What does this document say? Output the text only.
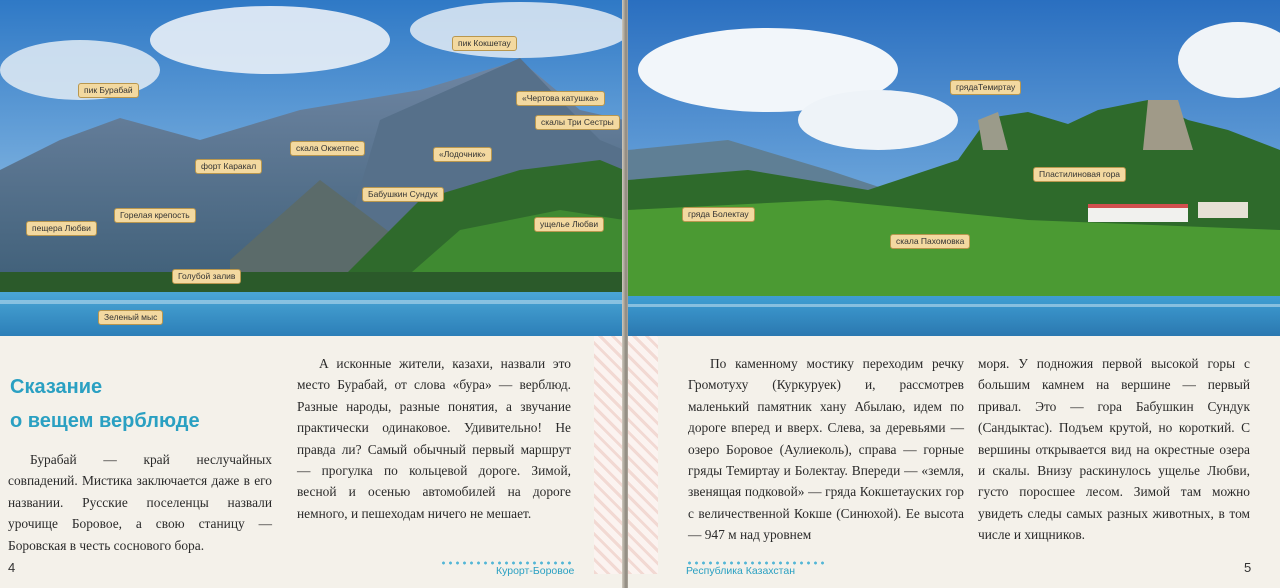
пик Кокшетау
пик Бурабай
«Чертова катушка»
скалы Три Сестры
скала Окжетпес
«Лодочник»
форт Каракал
Бабушкин Сундук
Горелая крепость
пещера Любви	ущелье Любви
Голубой залив
Зеленый мыс
Сказание
о вещем верблюде

Бурабай — край неслучайных совпадений. Мистика заключается даже в его названии. Русские поселенцы назвали урочище Боровое, а свою станицу — Боровская в честь соснового бора.

А исконные жители, казахи, назвали это место Бурабай, от слова «бура» — верблюд. Разные народы, разные понятия, а звучание практически одинаковое. Удивительно! Не правда ли? Самый обычный первый маршрут — прогулка по кольцевой дороге. Зимой, весной и осенью автомобилей на дороге немного, и пешеходам ничего не мешает.

4	Курорт-Боровое
грядаТемиртау
Пластилиновая гора
гряда Болектау
скала Пахомовка

По каменному мостику переходим речку Громотуху (Куркуруек) и, рассмотрев маленький памятник хану Абылаю, идем по дороге вперед и вверх. Слева, за деревьями — озеро Боровое (Аулиеколь), справа — горные гряды Темиртау и Болектау. Впереди — «земля, звенящая подковой» — гряда Кокшетауских гор с величественной Кокше (Синюхой). Ее высота — 947 м над уровнем

моря. У подножия первой высокой горы с большим камнем на вершине — первый привал. Это — гора Бабушкин Сундук (Сандыктас). Подъем крутой, но короткий. С вершины открывается вид на окрестные озера и скалы. Внизу раскинулось ущелье Любви, густо поросшее лесом. Зимой там можно увидеть следы самых разных животных, в том числе и хищников.

Республика Казахстан	5
